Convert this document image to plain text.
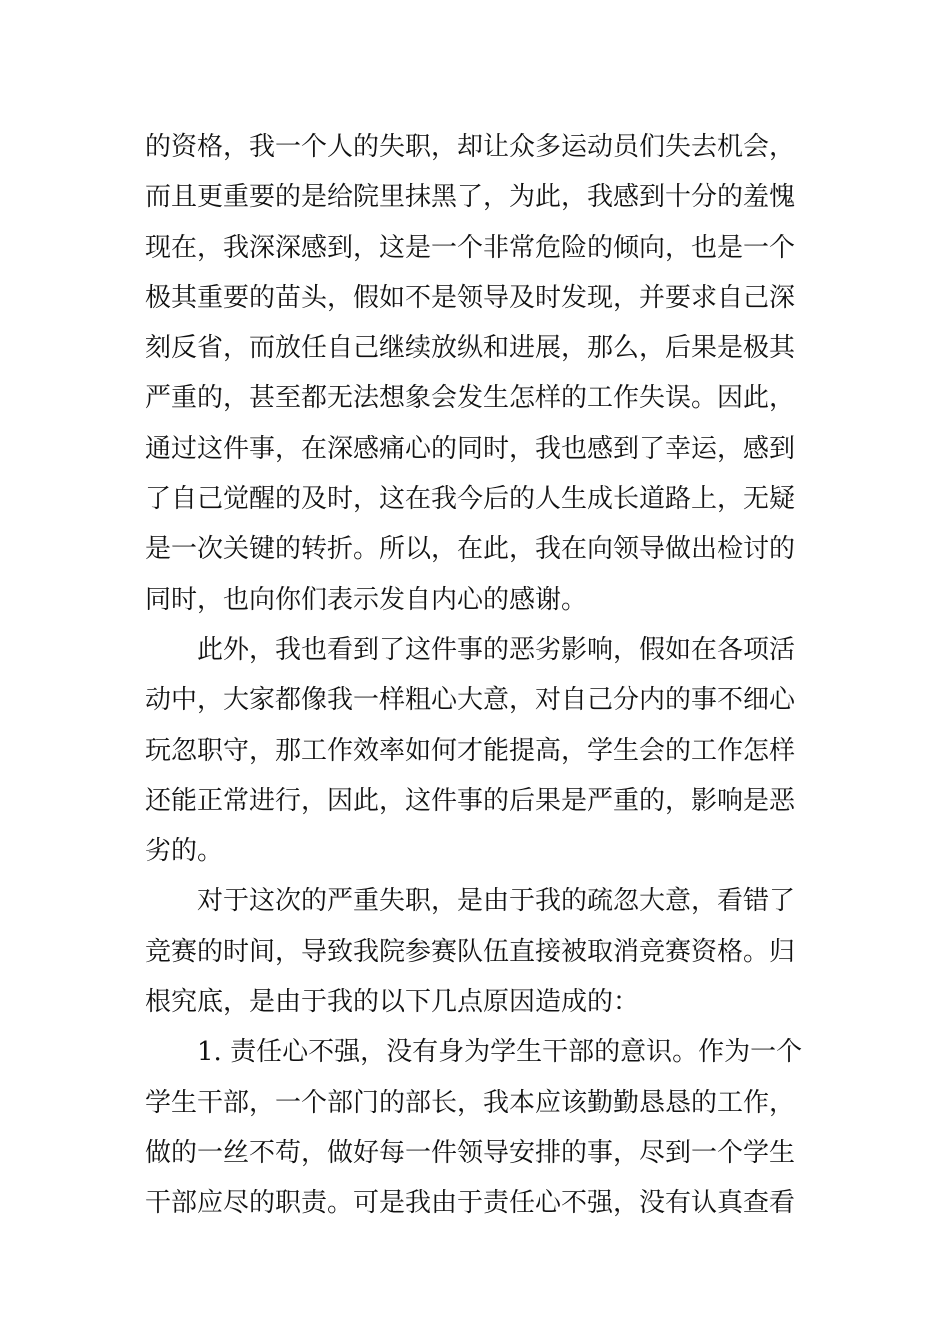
的资格，我一个人的失职，却让众多运动员们失去机会，
而且更重要的是给院里抹黑了，为此，我感到十分的羞愧
现在，我深深感到，这是一个非常危险的倾向，也是一个
极其重要的苗头，假如不是领导及时发现，并要求自己深
刻反省，而放任自己继续放纵和进展，那么，后果是极其
严重的，甚至都无法想象会发生怎样的工作失误。因此，
通过这件事，在深感痛心的同时，我也感到了幸运，感到
了自己觉醒的及时，这在我今后的人生成长道路上，无疑
是一次关键的转折。所以，在此，我在向领导做出检讨的
同时，也向你们表示发自内心的感谢。
此外，我也看到了这件事的恶劣影响，假如在各项活
动中，大家都像我一样粗心大意，对自己分内的事不细心
玩忽职守，那工作效率如何才能提高，学生会的工作怎样
还能正常进行，因此，这件事的后果是严重的，影响是恶
劣的。
对于这次的严重失职，是由于我的疏忽大意，看错了
竞赛的时间，导致我院参赛队伍直接被取消竞赛资格。归
根究底，是由于我的以下几点原因造成的：
1. 责任心不强，没有身为学生干部的意识。作为一个
学生干部，一个部门的部长，我本应该勤勤恳恳的工作，
做的一丝不苟，做好每一件领导安排的事，尽到一个学生
干部应尽的职责。可是我由于责任心不强，没有认真查看
